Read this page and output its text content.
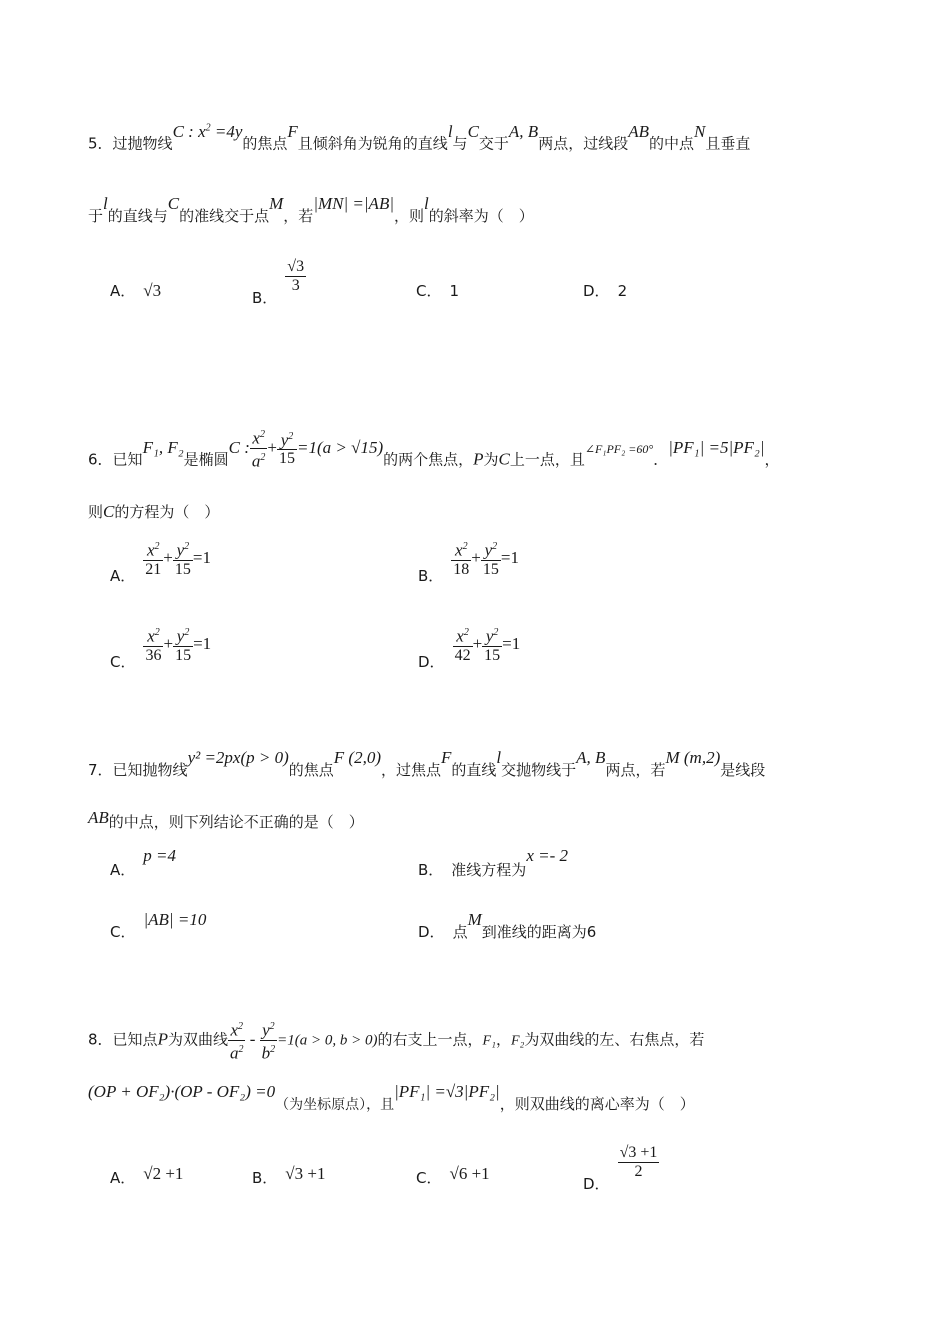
5．过抛物线C : $x^2 =4y$的焦点F且倾斜角为锐角的直线l与C交于A, B两点，过线段AB的中点N且垂直
于l的直线与C的准线交于点M，若|MN| =|AB|，则l的斜率为（　）
A． √3	B．
$\frac{√3}{3}$	C． 1	D． 2
6．已知F₁, F₂是椭圆C : $\frac{x^2}{a^2} + \frac{y^2}{15} =1(a > √15)$的两个焦点，P为C上一点，且$^{\angle F_1PF_2 =60^\circ}$．|PF₁| =5|PF₂|，
则C的方程为（　）
A． $\frac{x^2}{21} + \frac{y^2}{15} =1$
B． $\frac{x^2}{18} + \frac{y^2}{15} =1$
C． $\frac{x^2}{36} + \frac{y^2}{15} =1$
D． $\frac{x^2}{42} + \frac{y^2}{15} =1$
7．已知抛物线y² =2px(p > 0)的焦点F (2,0)，过焦点F的直线l交抛物线于A, B两点，若M (m,2)是线段
AB的中点，则下列结论不正确的是（　）
A．p =4
B． 准线方程为x =- 2
C．|AB| =10
D． 点M到准线的距离为6
8．已知点P为双曲线 $\frac{x^2}{a^2} - \frac{y^2}{b^2} =1(a > 0$, b > 0)的右支上一点，F₁，F₂为双曲线的左、右焦点，若
(OP + OF₂)·(OP - OF₂) =0（为坐标原点），且|PF₁| =√3|PF₂|，则双曲线的离心率为（　）
A． √2 +1	B． √3 +1	C． √6 +1
D．
$\frac{√3 +1}{2}$
